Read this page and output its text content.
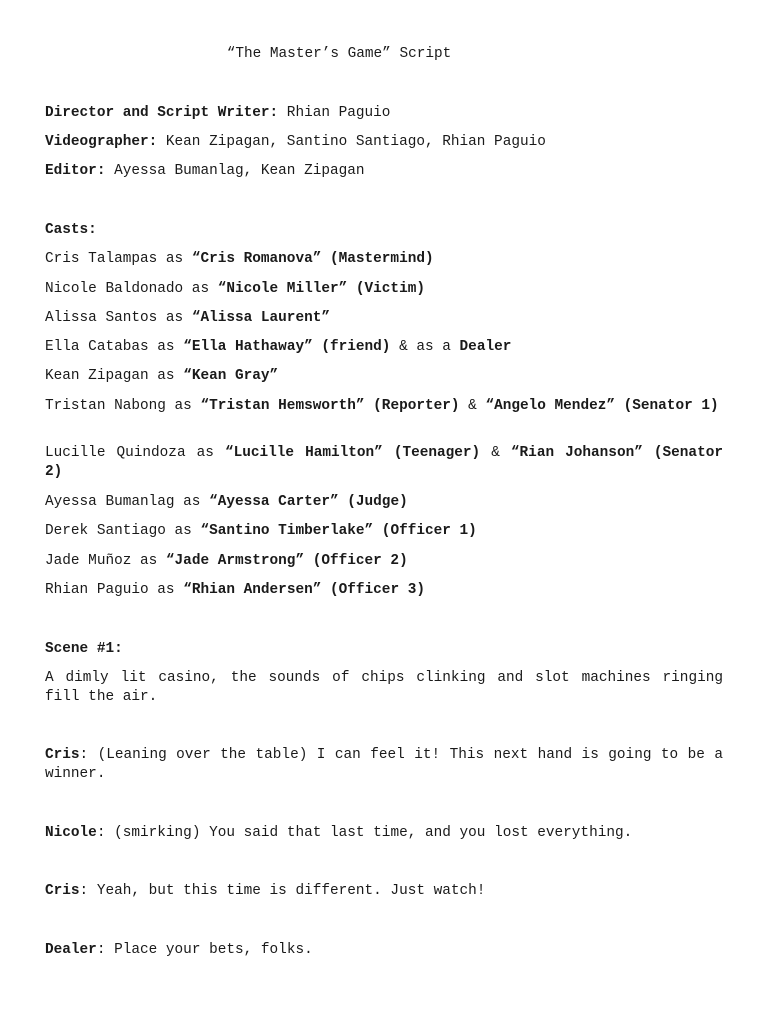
“The Master’s Game” Script
Director and Script Writer: Rhian Paguio
Videographer: Kean Zipagan, Santino Santiago, Rhian Paguio
Editor: Ayessa Bumanlag, Kean Zipagan
Casts:
Cris Talampas as “Cris Romanova” (Mastermind)
Nicole Baldonado as “Nicole Miller” (Victim)
Alissa Santos as “Alissa Laurent”
Ella Catabas as “Ella Hathaway” (friend) & as a Dealer
Kean Zipagan as “Kean Gray”
Tristan Nabong as “Tristan Hemsworth” (Reporter) & “Angelo Mendez” (Senator 1)
Lucille Quindoza as “Lucille Hamilton” (Teenager) & “Rian Johanson” (Senator 2)
Ayessa Bumanlag as “Ayessa Carter” (Judge)
Derek Santiago as “Santino Timberlake” (Officer 1)
Jade Muñoz as “Jade Armstrong” (Officer 2)
Rhian Paguio as “Rhian Andersen” (Officer 3)
Scene #1:
A dimly lit casino, the sounds of chips clinking and slot machines ringing fill the air.
Cris: (Leaning over the table) I can feel it! This next hand is going to be a winner.
Nicole: (smirking) You said that last time, and you lost everything.
Cris: Yeah, but this time is different. Just watch!
Dealer: Place your bets, folks.
